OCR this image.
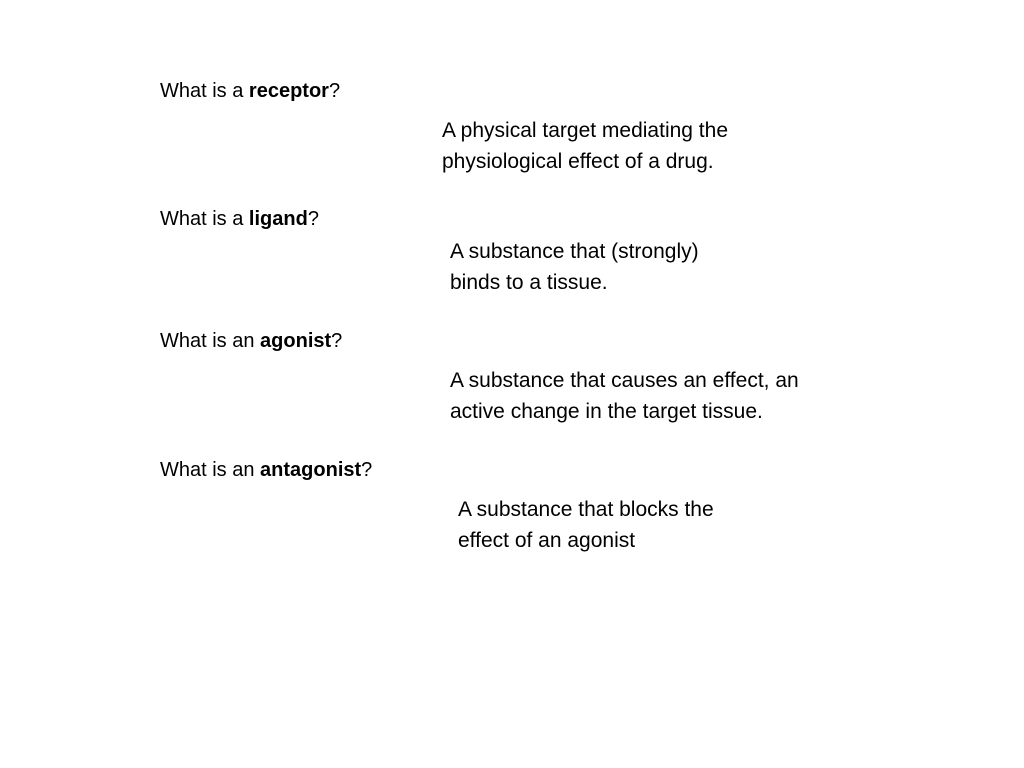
What is a receptor?
A physical target mediating the
physiological effect of a drug.
What is a ligand?
A substance that (strongly)
binds to a tissue.
What is an agonist?
A substance that causes an effect, an
active change in the target tissue.
What is an antagonist?
A substance that blocks the
effect of an agonist
